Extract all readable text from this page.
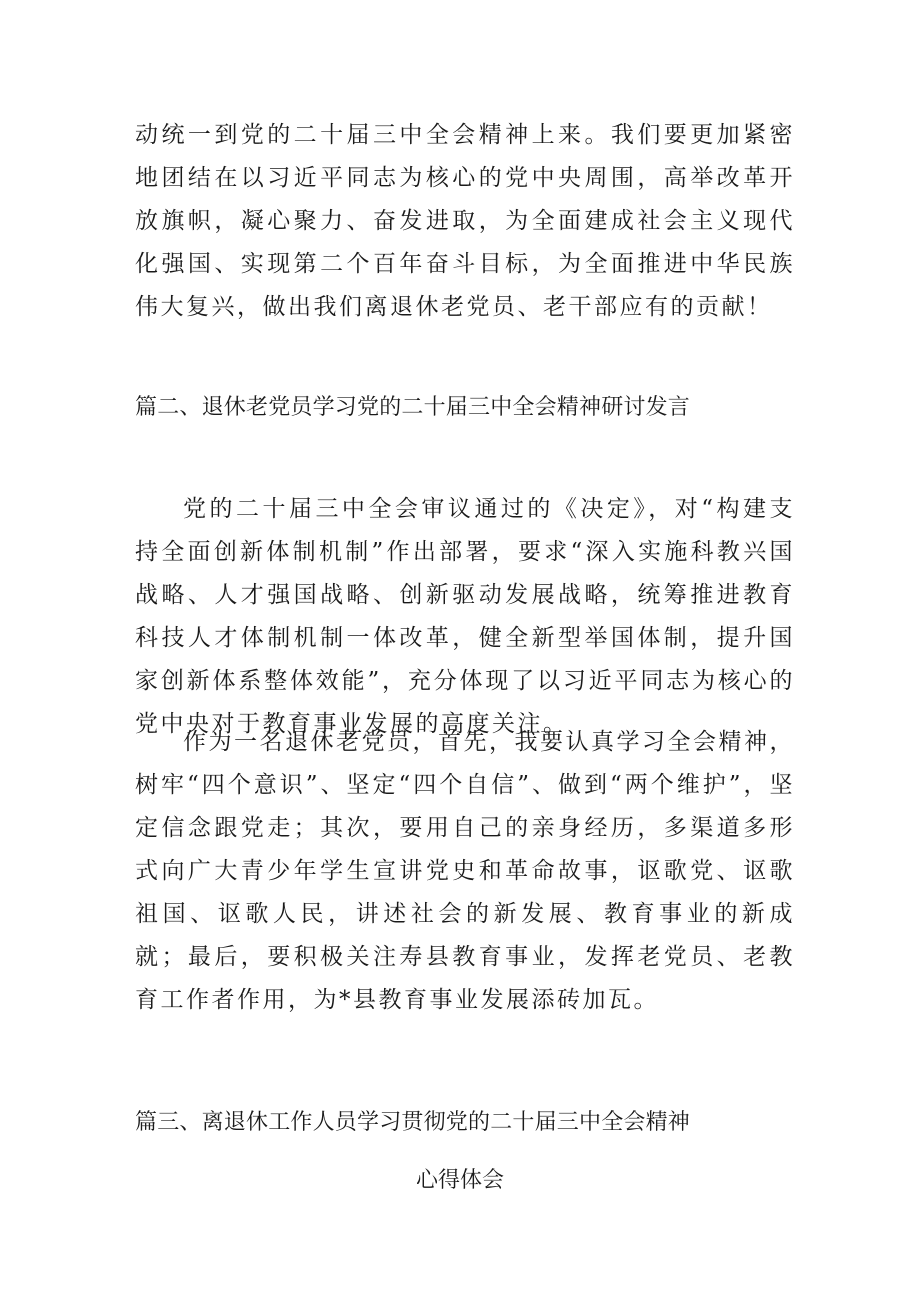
动统一到党的二十届三中全会精神上来。我们要更加紧密地团结在以习近平同志为核心的党中央周围，高举改革开放旗帜，凝心聚力、奋发进取，为全面建成社会主义现代化强国、实现第二个百年奋斗目标，为全面推进中华民族伟大复兴，做出我们离退休老党员、老干部应有的贡献！
篇二、退休老党员学习党的二十届三中全会精神研讨发言
党的二十届三中全会审议通过的《决定》，对“构建支持全面创新体制机制”作出部署，要求“深入实施科教兴国战略、人才强国战略、创新驱动发展战略，统筹推进教育科技人才体制机制一体改革，健全新型举国体制，提升国家创新体系整体效能”，充分体现了以习近平同志为核心的党中央对于教育事业发展的高度关注。
作为一名退休老党员，首先，我要认真学习全会精神，树牢“四个意识”、坚定“四个自信”、做到“两个维护”，坚定信念跟党走；其次，要用自己的亲身经历，多渠道多形式向广大青少年学生宣讲党史和革命故事，讴歌党、讴歌祖国、讴歌人民，讲述社会的新发展、教育事业的新成就；最后，要积极关注寿县教育事业，发挥老党员、老教育工作者作用，为*县教育事业发展添砖加瓦。
篇三、离退休工作人员学习贯彻党的二十届三中全会精神
心得体会
